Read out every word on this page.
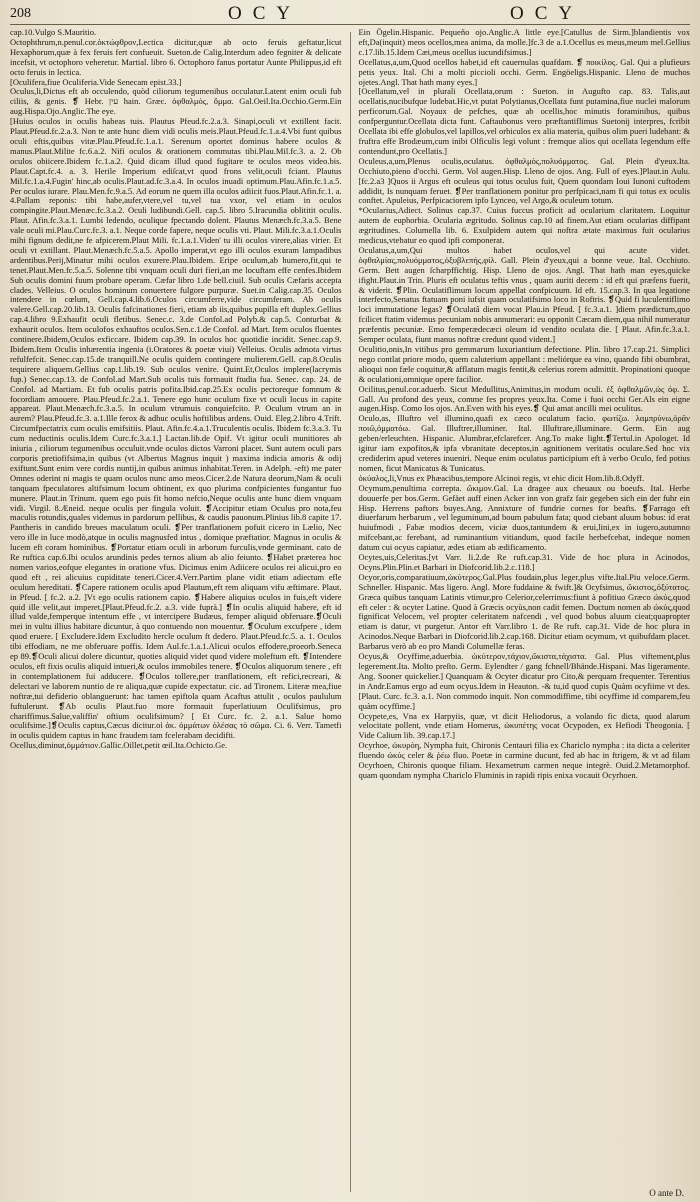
208	OCY	OCY

cap.10.Vulgo S.Mauritio.

Octophthrum,n.penul.cor.ὀκτώφθρον,Lectica dicitur,quæ ab octo feruis geftatur,licut Hexaphorum,quæ à fex feruis fert confueuit. Sueton.de Calig.Interdum adeo fegniter & delicate incefsit, vt octophoro veheretur. Martial. libro 6. Octophoro fanus portatur Aunte Philippus,id eft octo feruis in lectica.

[Oculifera,fiue Oculiferia.Vide Senecam epist.33.]

Oculus,li,Dictus eft ab occulendo, quòd ciliorum tegumenibus occulatur.Latent enim oculi fub ciliis, & genis. ❡ Hebr. עין hain. Græc. ὀφθαλμός, ὄμμα. Gal.Oeil.Ita.Occhio.Germ.Ein aug.Hispa.Ojo.Anglic.The eye.

[Huius oculos in oculis habeas tuis. Plautus Pfeud.fc.2.a.3. Sinapi,oculi vt extillent facit. Plaut.Pfeud.fc.2.a.3. Non te ante hunc diem vidi oculis meis.Plaut.Pfeud.fc.1.a.4.Vbi funt quibus oculi eftis,quibus vitæ.Plau.Pfeud.fc.1.a.1. Serenum oportet dominus habere oculos & manus.Plaut.Milite fc.6.a.2. Nifi oculos & orationem commutas tibi.Plau.Mil.fc.3. a. 2. Ob oculos obiicere.Ibidem fc.1.a.2. Quid dicam illud quod fugitare te oculos meos video.bis. Plaut.Capt.fc.4. a. 3. Herile Imperium ediſcat,vt quod frons velit,oculi fciant. Plautus Mil.fc.1.a.4.Fugin' hinc,ab oculis.Plaut.ad.fc.3.a.4. In oculos inuadi optimum.Plau.Afin.fc.1.a.5. Per oculos iurare. Plau.Men.fc.9.a.5. Ad eorum ne quem illa oculos adiicit fuos.Plaut.Afin.fc.1. a. 4.Pallam reponis: tibi habe,aufer,vtere,vel tu,vel tua vxor, vel etiam in oculos compingite.Plaut.Menæc.fc.3.a.2. Oculi ludibundi.Gell. cap.5. libro 5.Iracundia oblititit oculis. Plaut. Afin.fc.3.a.1. Lumbi ledendo, oculique fpectando dolent. Plautus Menæch.fc.3.a.5. Bene vale oculi mi.Plau.Curc.fc.3. a.1. Neque corde fapere, neque oculis vti. Plaut. Mili.fc.3.a.1.Oculis mihi fignum dedit,ne fe afpicerem.Plaut Mili. fc.1.a.1.Viden' tu illi oculos virere,alias virier. Et oculi vt extillant. Plaut.Menæch.fc.5.a.5. Apollo imperat,vt ego illi oculos exuram lampadibus ardentibus.Perij,Minatur mihi oculos exurere.Plau.Ibidem. Eripe oculum,ab humero,fit,qui te tenet.Plaut.Men.fc.5.a.5. Solenne tibi vnquam oculi duri fieri,an me locuftam effe cenfes.Ibidem Sub oculis domini fuum probare operam. Cæfar libro 1.de bell.ciuil. Sub oculis Cæfaris accepta clades. Velleius. O oculos hominum conuertere fulgore purpuræ. Suet.in Calig.cap.35. Oculos intendere in cœlum, Gell.cap.4.lib.6.Oculos circumferre,vide circumferam. Ab oculis valere.Gell.cap.20.lib.13. Oculis fafcinationes fieri, etiam ab iis,quibus pupilla eft duplex.Gellius cap.4.libro 9.Exhaufit oculi fletibus. Senec.c. 3.de Confol.ad Polyb.& cap.5. Conturbat & exhaurit oculos. Item oculofos exhauftos oculos.Sen.c.1.de Confol. ad Mart. Item oculos fluentes continere.Ibidem,Oculos exficcare. Ibidem cap.39. In oculos hoc quotidie incidit. Senec.cap.9. Ibidem.Item Oculis inhærentia ingenia (i.Oratores & poetæ viui) Velleius. Oculis admota virtus refulfefcit. Senec.cap.15.de tranquill.Ne oculis quidem contingere mulierem.Gell. cap.8.Oculis tequirere aliquem.Gellius cap.1.lib.19. Sub oculos venire. Quint.Et,Oculos implere(lacrymis fup.) Senec.cap.13. de Confol.ad Mart.Sub oculis tuis formauit ftudia fua. Senec. cap. 24. de Confol. ad Martiam. Et fub oculis patris pofita.Ibid.cap.25.Ex oculis pectoreque fomnum & focordiam amouere. Plau.Pfeud.fc.2.a.1. Tenere ego hunc oculum fixe vt oculi locus in capite appareat. Plaut.Menæch.fc.3.a.5. In oculum vtrumuis conquiefcito. P. Oculum vtrum an in aurem? Plau.Pfeud.fc.3. a.1.Ille ferox & adhuc oculis hoftilibus ardens. Ouid. Eleg.2.libro 4.Trift. Circumfpectatrix cum oculis emifsitiis. Plaut. Afin.fc.4.a.1.Truculentis oculis. Ibidem fc.3.a.3. Tu cum neductinis oculis.Idem Curc.fc.3.a.1.] Lactan.lib.de Opif. Vt igitur oculi munitiores ab iniuria , ciliorum tegumenibus occuluit.vnde oculos dictos Varroni placet. Sunt autem oculi pars corporis pretiofifsima,in quibus (vt Albertus Magnus inquit ) maxima indicia amoris & odij exiftunt.Sunt enim vere cordis nuntij,in quibus animus inhabitat.Teren. in Adelph. -eft) me pater Omnes oderint ni magis te quam oculos nunc amo meos.Cicer.2.de Natura deorum,Nam & oculi tanquam fpeculatores altifsimum locum obtinent, ex quo plurima confpicientes fungantur fuo munere. Plaut.in Trinum. quem ego puis fit homo nefcio,Neque oculis ante hunc diem vnquam vidi. Virgil. 8.Æneid. neque oculis per fingula voluit. ❡Accipitur etiam Oculus pro nota,feu maculis rotundis,quales videmus in pardorum pellibus, & caudis pauonum.Plinius lib.8 capite 17. Pantheris in candido breues maculatum oculi. ❡Per tranflationem pofuit cicero in Lælio, Nec vero ille in luce modò,atque in oculis magnusfed intus , domique præftatior. Magnus in oculis & lucem eft coram hominibus. ❡Portatur etiam oculi in arborum furculis,vnde germinant. cato de Re ruftica cap.6.Ibi oculos arundinis pedes ternos alium ab alio feiunto. ❡Habet præterea hoc nomen varios,eofque elegantes in oratione vfus. Dicimus enim Adiicere oculos rei alicui,pro eo quod eft , rei alicuius cupiditate teneri.Cicer.4.Verr.Partim plane vidit etiam adiectum efle oculum hereditati. ❡Capere rationem oculis apud Plautum,eft rem aliquam vifu æftimare. Plaut. in Pfeud. [ fc.2. a.2. ]Vt ego oculis rationem capio. ❡Habere aliquius oculos in fuis,eft videre quid ille velit,aut imperet.[Plaut.Pfeud.fc.2. a.3. vide fuprà.] ❡In oculis aliquid habere, eft id illud valde,femperque intentum effe , vt intercipere Budæus, femper aliquid obferuare.❡Oculi mei in vultu illius habitare dicuntur, à quo contuendo non mouentur. ❡Oculum excufpere , idem quod eruere. [ Excludere.Idem Excludito hercle oculum ft dedero. Plaut.Pfeud.fc.5. a. 1. Oculos tibi effodiam, ne me obferuare poffis. Idem Aul.fc.1.a.1.Alicui oculos effodere,proeorb.Seneca ep 89.❡Oculi alicui dolere dicuntur, quoties aliquid videt quod videre moleftum eft. ❡Intendere oculos, eft fixis oculis aliquid intueri,& oculos immobiles tenere. ❡Oculos aliquorum tenere , eft in contemplationem fui adducere. ❡Oculos tollere,per tranflationem, eft refici,recreari, & delectari ve laborem nuntio de re aliqua,quæ cupide expectatur. cic. ad Tironem. Literæ mea,fiue noftræ,tui defiderio oblanguerunt: hac tamen epiftola quam Acaftus attulit , oculos paululum fuftulerunt. ❡Ab oculis Plaut.fuo more formauit fuperlatiuum Oculifsimus, pro chariffimus.Salue,valiffin' oftium oculifsimum? [ Et Curc. fc. 2. a.1. Salue homo oculifsime.]❡Oculis captus,Cæcus dicitur.οἱ ἀκ. ὀμμάτων ὀλέσας τὸ σῶμα. Ci. 6. Verr. Tametfi in oculis quidem captus in hanc fraudem tam fcelerabam decidifti.

Ocellus,diminut,ὀμμάτιον.Gallic.Oillet,petit œil.Ita.Ochicto.Ge.

Ein Ögelin.Hispanic. Pequeño ojo.Anglic.A little eye.[Catullus de Sirm.]blandientis vox eft,Da(inquit) meos ocellos,mea anima, da molle.]fc.3 de a.1.Ocellus es meus,meum mel.Gellius c.17.lib.15.Idem Cæi,meus ocellus iucundifsimus.]

Ocellatus,a,um,Quod ocellos habet,id eft cauernulas quafdam. ❡ ποικίλος. Gal. Qui a plufieurs petis yeux. Ital. Chi a molti piccioli occhi. Germ. Engöeligs.Hispanic. Lleno de muchos ojetes.Angl. That hath many eyes.]

[Ocellatum,vel in plurali Ocellata,orum : Sueton. in Augufto cap. 83. Talis,aut ocellatis,nucibufque ludebat.Hic,vt putat Polytianus,Ocellata funt putamina,fiue nuclei malorum perficorum.Gal. Noyaux de pefches, quæ ab ocellis,hoc minutis foraminibus, quibus confperguntur.Ocellata dicta funt. Caftaubonus vero præftantiflimus Suetonij interpres, fcribit Ocellata ibi effe globulos,vel lapillos,vel orbiculos ex alia materia, quibus olim pueri ludebant: & fruftra effe Brodæum,cum inibi Olficulis legi volunt : fremque alios qui ocellata legendum effe contendunt,pro Ocellatis.]

Oculeus,a,um,Plenus oculis,oculatus. ὀφθαλμὸς,πολυόμματος. Gal. Plein d'yeux.Ita. Occhiuto,pieno d'occhi. Germ. Vol augen.Hisp. Lleno de ojos. Ang. Full of eyes.]Plaut.in Aulu.[fc.2.a3 ]Quos ii Argus eft oculeus qui totus oculus fuit, Quem quondam Ioui Iunoni cuftodem addidit, Is nunquam feruet. ❡Per tranflationem ponitur pro perfpicaci,nam fi qui totus ex oculis conftet. Apuleius, Perfpicaciorem ipfo Lynceo, vel Argo,& oculeum totum.

*Ocularius,Adiect. Solinus cap.37. Cuius fuccus proficit ad ocularium claritatem. Loquitur autem de euphorbia. Ocularia ægritudo. Solinus cap.10 ad finem.Aut etiam ocularias diffipant ægritudines. Columella lib. 6. Exulpidem autem qui noftra ætate maximus fuit ocularius medicus,vtebatur eo quod ipfi componerat.

Oculatus,a,um,Qui multos habet oculos,vel qui acute videt. ὀφθαλμίας,πολυόμματος,ὀξυβλεπής,φίλ. Gall. Plein d'yeux,qui a bonne veue. Ital. Occhiuto. Germ. Bett augen ſcharpffichtig. Hisp. Lleno de ojos. Angl. That hath man eyes,quicke ifight.Plaut.in Trin. Pluris eft oculatus teftis vnus , quam auriti decem : id eft qui præfens fuerit, & viderit. ❡Plin. Oculatiflimum locum appellat confpicuum. Id eft. 15.cap.3. In qua legatione interfecto,Senatus ftatuam poni iufsit quam oculatifsimo loco in Roftris. ❡Quid fi luculentiflimo loci immutatione legas? ❡Oculatâ diem vocat Plau.in Pfeud. [ fc.3.a.1. ]diem prædictum,quo fcilicet ftatim videmus pecuniam nobis annumerari: eu opponit Cæcam diem,qua nihil numeratur præfentis pecuniæ. Emo femperædecæci oleum id vendito oculata die. [ Plaut. Afin.fc.3.a.1. Semper oculata, fiunt manus noftræ credunt quod vident.]

Oculitio,onis,In vitibus pro gemmarum luxuriantium defectione. Plin. libro 17.cap.21. Simplici nego contlat priore modo, quem caluterium appellant : meliórque ea vino, quando fibi obumbrat, alioqui non fæle coquitur,& afflatum magis fentit,& celerius rorem admittit. Propinationi quoque & oculationi,omnique opere facilior.

Ocilitus,penul.cor.aduerb. Sicut Medullitus,Animitus,in modum oculi. ἐξ ὀφθαλμῶν,ὡς ὀφ. Σ. Gall. Au profond des yeux, comme fes propres yeux.Ita. Come i fuoi occhi Ger.Als ein eigne augen.Hisp. Como los ojos. An.Even with his eyes.❡ Qui amat ancilli mei oculitus.

Oculo,as, Illuftro vel illumino,quafi ex cæco oculatum facio. φωτίζω. λαμπρύνω,ὁρᾶν ποιῶ,ὀμματόω. Gal. Illuftrer,illuminer. Ital. Illuftrare,illuminare. Germ. Ein aug geben/erleuchten. Hispanic. Alumbrar,efclarefcer. Ang.To make light.❡Tertul.in Apologet. Id igitur iam expofitos,& ipfa vbranitate deceptos,in agnitionem veritatis oculare.Sed hoc vix crediderim apud veteres inueniri. Neque enim oculatus participium eft à verbo Oculo, fed potius nomen, ficut Manicatus & Tunicatus.

ὀκύαλος,li,Vnus ex Phæacibus,tempore Alcinoi regis, vt ehic dicit Hom.lib.8.Odyff.

Ocymum,penultima correpta. ὤκιμον.Gal. La dragee aux cheuaux ou boeufs. Ital. Herbe douuerfe per bos.Germ. Gefäet auff einen Acker inn von grafz fair gegeben sich ein der fuhr ein Hisp. Herrens paftors buyes.Ang. Annixture of fundrie cornes for beafts. ❡Farrago eft diuerfarum herbarum , vel leguminum,ad boum pabulum fata; quod ciebant aluum bobus: id erat huiufmodi , Fabæ modios decem, viciæ duos,tantundem & erui,lini,ex in iugero,autumno mifcebant,ac ferebant, ad ruminantium vitiandum, quod facile herbefcebat, indeque nomen datum cui ocyus capiatur, ædes etiam ab ædificamento.

Ocytes,uis,Celeritas.[vt Varr. li.2.de Re ruft.cap.31. Vide de hoc plura in Acinodos, Ocyns.Plin.Plin.et Barbari in Diofcorid.lib.2.c.118.]

Ocyor,oris,comparatiuum,ὠκύτερος.Gal.Plus foudain,plus leger,plus vifte.Ital.Piu veloce.Germ. Schneller. Hispanic. Mas ligero. Angl. More fuddaine & fwift.]& Ocyfsimus, ὤκιστος,ὀξύτατος. Græca quibus tanquam Latinis vtimur,pro Celerior,celerrimus:fiunt à pofitiuo Græco ὠκύς,quod eft celer : & ocyter Latine. Quod à Græcis ocyùs,non cadit femen. Ductum nomen ab ὠκύς,quod fignificat Velocem, vel propter celeritatem nafcendi , vel quod bobus aluum cieat;quapropter etiam is datur, vt purgetur. Antor eft Varr.libro 1. de Re ruft. cap.31. Vide de hoc plura in Acinodos.Neque Barbari in Diofcorid.lib.2.cap.168. Dicitur etiam ocymum, vt quibufdam placet. Barbarus verò ab eo pro Mandi Columellæ feras.

Ocyus,& Ocyffime,aduerbia. ὠκύτερον,τάχιον,ὤκιστα,τάχιστα. Gal. Plus viftement,plus legerement.Ita. Molto preſto. Germ. Eylendter / gang fchnell/Bhände.Hispani. Mas ligeramente. Ang. Sooner quickelier.] Quanquam & Ocyter dicatur pro Cito,& perquam frequenter. Terentius in Andr.Eamus ergo ad eum ocyus.Idem in Heauton. -& tu,id quod cupis Quàm ocyfiime vt des. [Plaut. Curc. fc.3. a.1. Non commodo inquit. Non commodiffime, tibi ocyffime id comparem,feu quàm ocyffime.]

Ocypete,es, Vna ex Harpyiis, quæ, vt dicit Heliodorus, a volando fic dicta, quod alarum velocitate pollent, vnde etiam Homerus, ὠκυπέτης vocat Ocypoden, ex Hefiodi Theogonia. [ Vide Calium lib. 39.cap.17.]

Ocyrhoe, ὠκυρόη, Nympha fuit, Chironis Centauri filia ex Chariclo nympha : ita dicta a celeriter fluendo ὠκύς celer & ῥέω fluo. Poetæ in carmine ducunt, fed ab hac in ftrigem, & vt ad filam Ocyrhoen, Chironis quoque filiam. Hexametrum carmen neque integrè. Ouid.2.Metamorphof. quam quondam nympha Chariclo Fluminis in rapidi ripis enixa vocauit Ocyrhoen.

O ante D.
